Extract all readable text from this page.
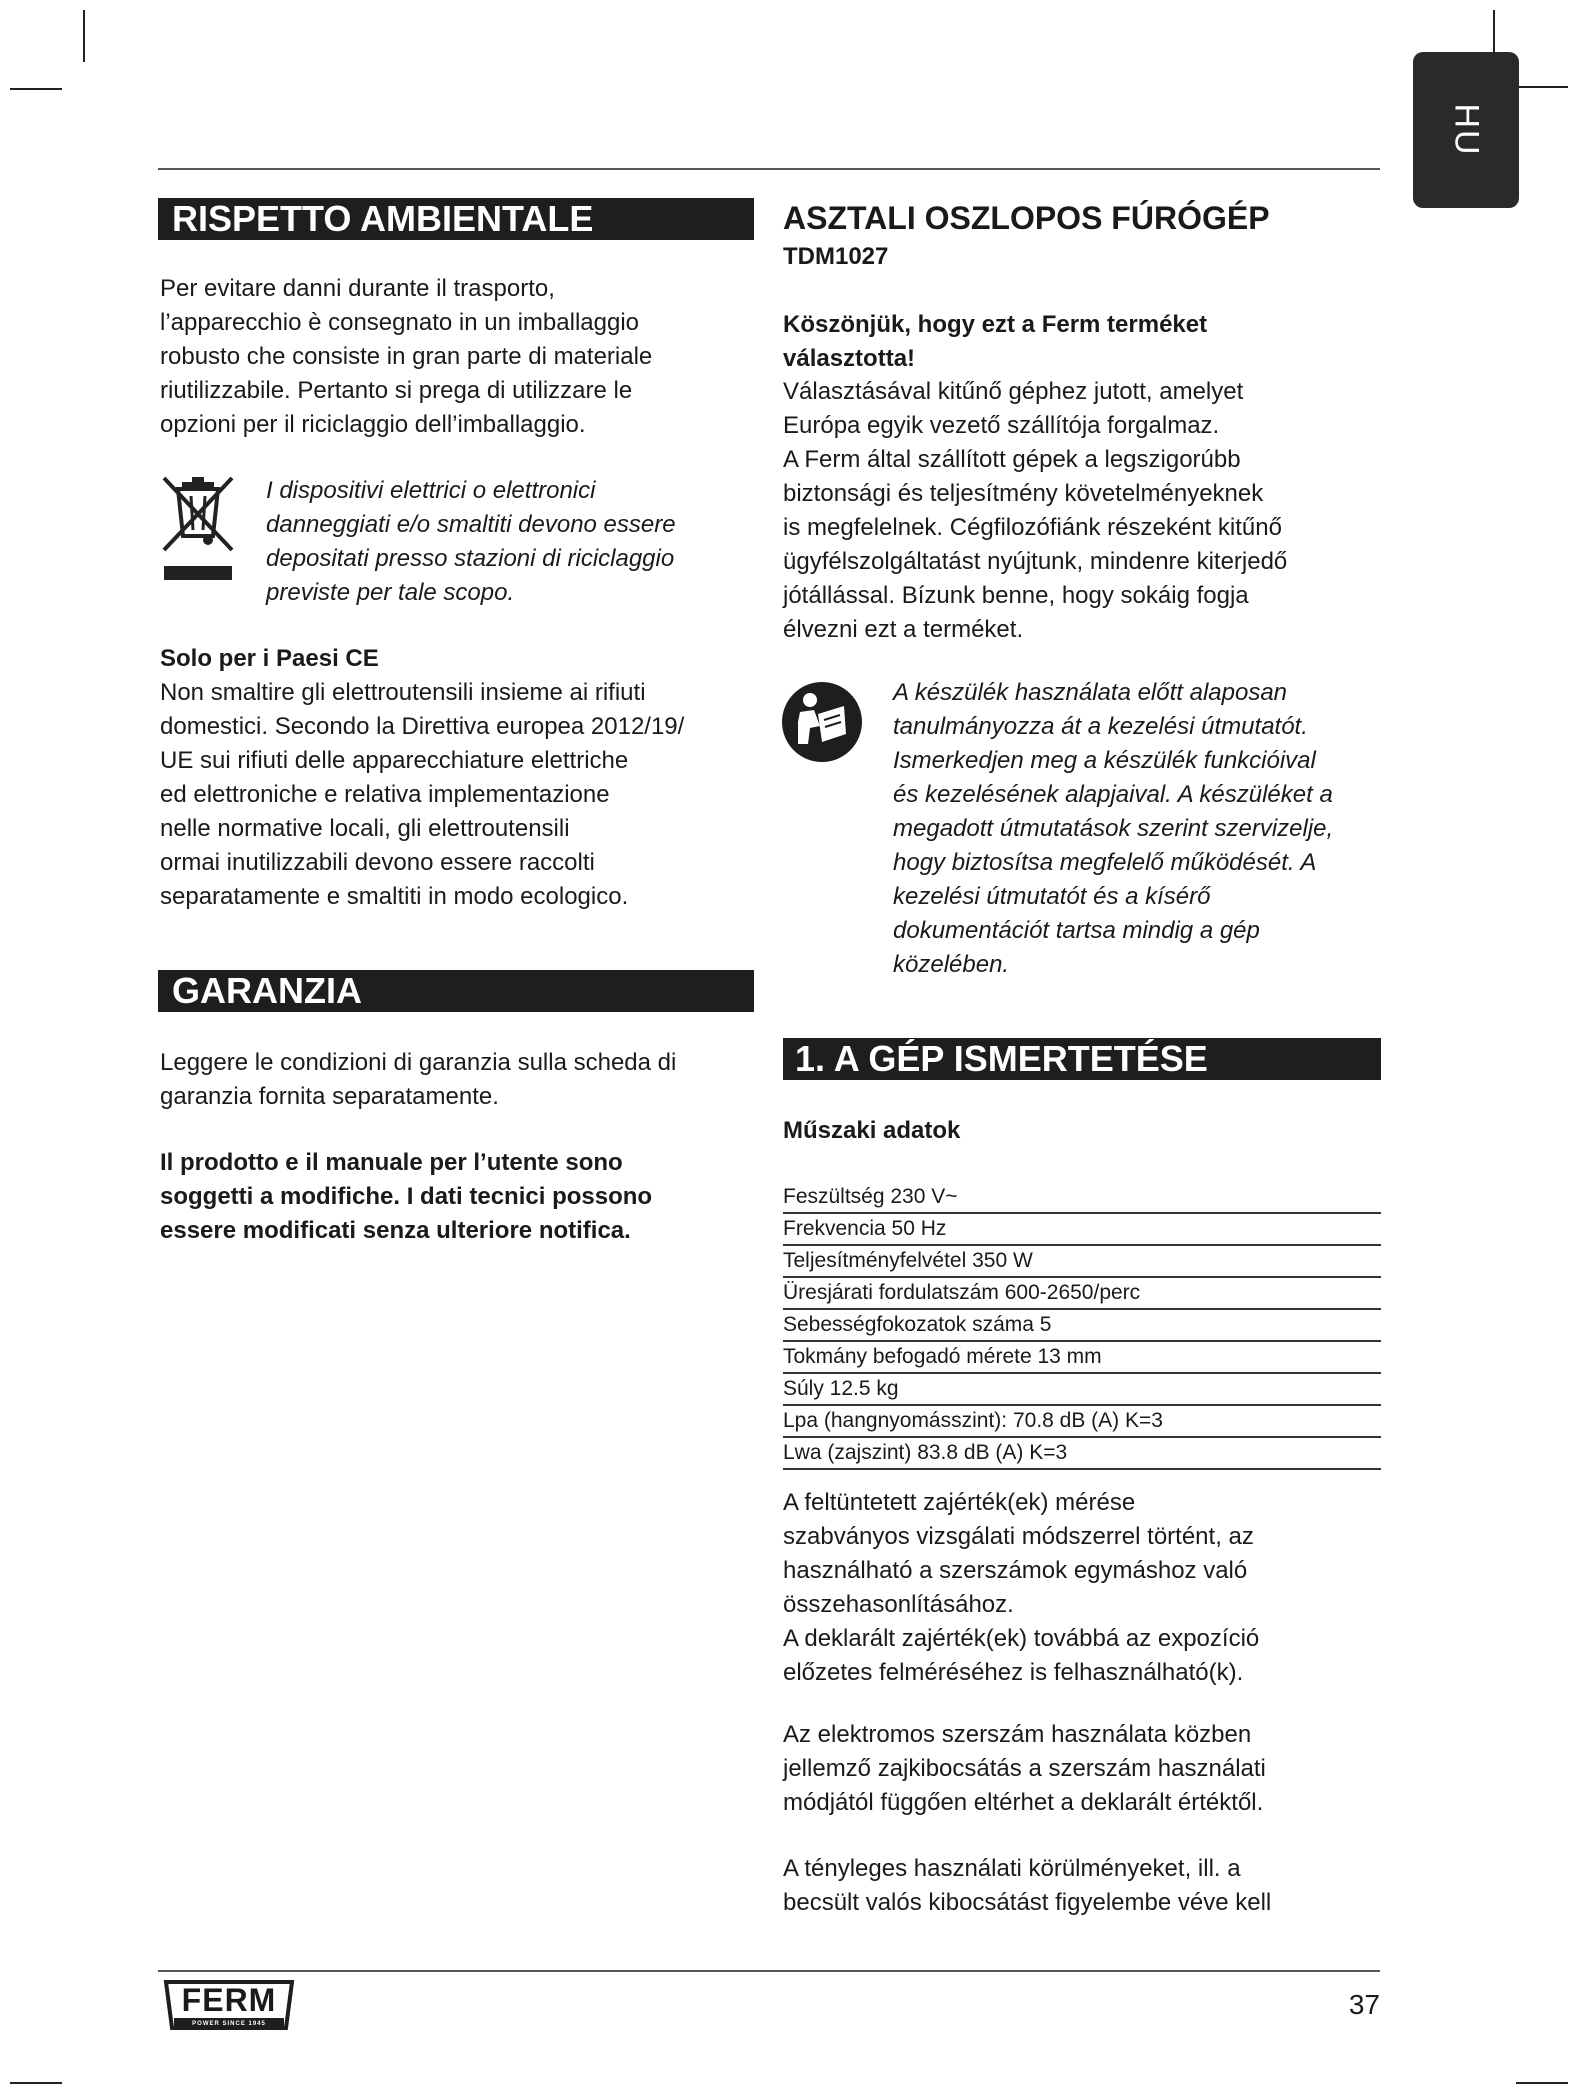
HU
RISPETTO AMBIENTALE

Per evitare danni durante il trasporto,

l’apparecchio è consegnato in un imballaggio

robusto che consiste in gran parte di materiale

riutilizzabile. Pertanto si prega di utilizzare le

opzioni per il riciclaggio dell’imballaggio.

I dispositivi elettrici o elettronici

danneggiati e/o smaltiti devono essere

depositati presso stazioni di riciclaggio

previste per tale scopo.

Solo per i Paesi CE

Non smaltire gli elettroutensili insieme ai rifiuti

domestici. Secondo la Direttiva europea 2012/19/

UE sui rifiuti delle apparecchiature elettriche

ed elettroniche e relativa implementazione

nelle normative locali, gli elettroutensili

ormai inutilizzabili devono essere raccolti

separatamente e smaltiti in modo ecologico.

GARANZIA

Leggere le condizioni di garanzia sulla scheda di

garanzia fornita separatamente.

Il prodotto e il manuale per l’utente sono

soggetti a modifiche. I dati tecnici possono

essere modificati senza ulteriore notifica.

ASZTALI OSZLOPOS FÚRÓGÉP
TDM1027

Köszönjük, hogy ezt a Ferm terméket

választotta!

Választásával kitűnő géphez jutott, amelyet

Európa egyik vezető szállítója forgalmaz.

A Ferm által szállított gépek a legszigorúbb

biztonsági és teljesítmény követelményeknek

is megfelelnek. Cégfilozófiánk részeként kitűnő

ügyfélszolgáltatást nyújtunk, mindenre kiterjedő

jótállással. Bízunk benne, hogy sokáig fogja

élvezni ezt a terméket.

A készülék használata előtt alaposan

tanulmányozza át a kezelési útmutatót.

Ismerkedjen meg a készülék funkcióival

és kezelésének alapjaival. A készüléket a

megadott útmutatások szerint szervizelje,

hogy biztosítsa megfelelő működését. A

kezelési útmutatót és a kísérő

dokumentációt tartsa mindig a gép

közelében.

1. A GÉP ISMERTETÉSE
Műszaki adatok
Feszültség 230 V~
Frekvencia 50 Hz
Teljesítményfelvétel 350 W
Üresjárati fordulatszám 600-2650/perc
Sebességfokozatok száma 5
Tokmány befogadó mérete 13 mm
Súly 12.5 kg
Lpa (hangnyomásszint): 70.8 dB (A) K=3
Lwa (zajszint) 83.8 dB (A) K=3

A feltüntetett zajérték(ek) mérése

szabványos vizsgálati módszerrel történt, az

használható a szerszámok egymáshoz való

összehasonlításához.

A deklarált zajérték(ek) továbbá az expozíció

előzetes felméréséhez is felhasználható(k).

Az elektromos szerszám használata közben

jellemző zajkibocsátás a szerszám használati

módjától függően eltérhet a deklarált értéktől.

A tényleges használati körülményeket, ill. a

becsült valós kibocsátást figyelembe véve kell

FERM
POWER SINCE 1945
37
